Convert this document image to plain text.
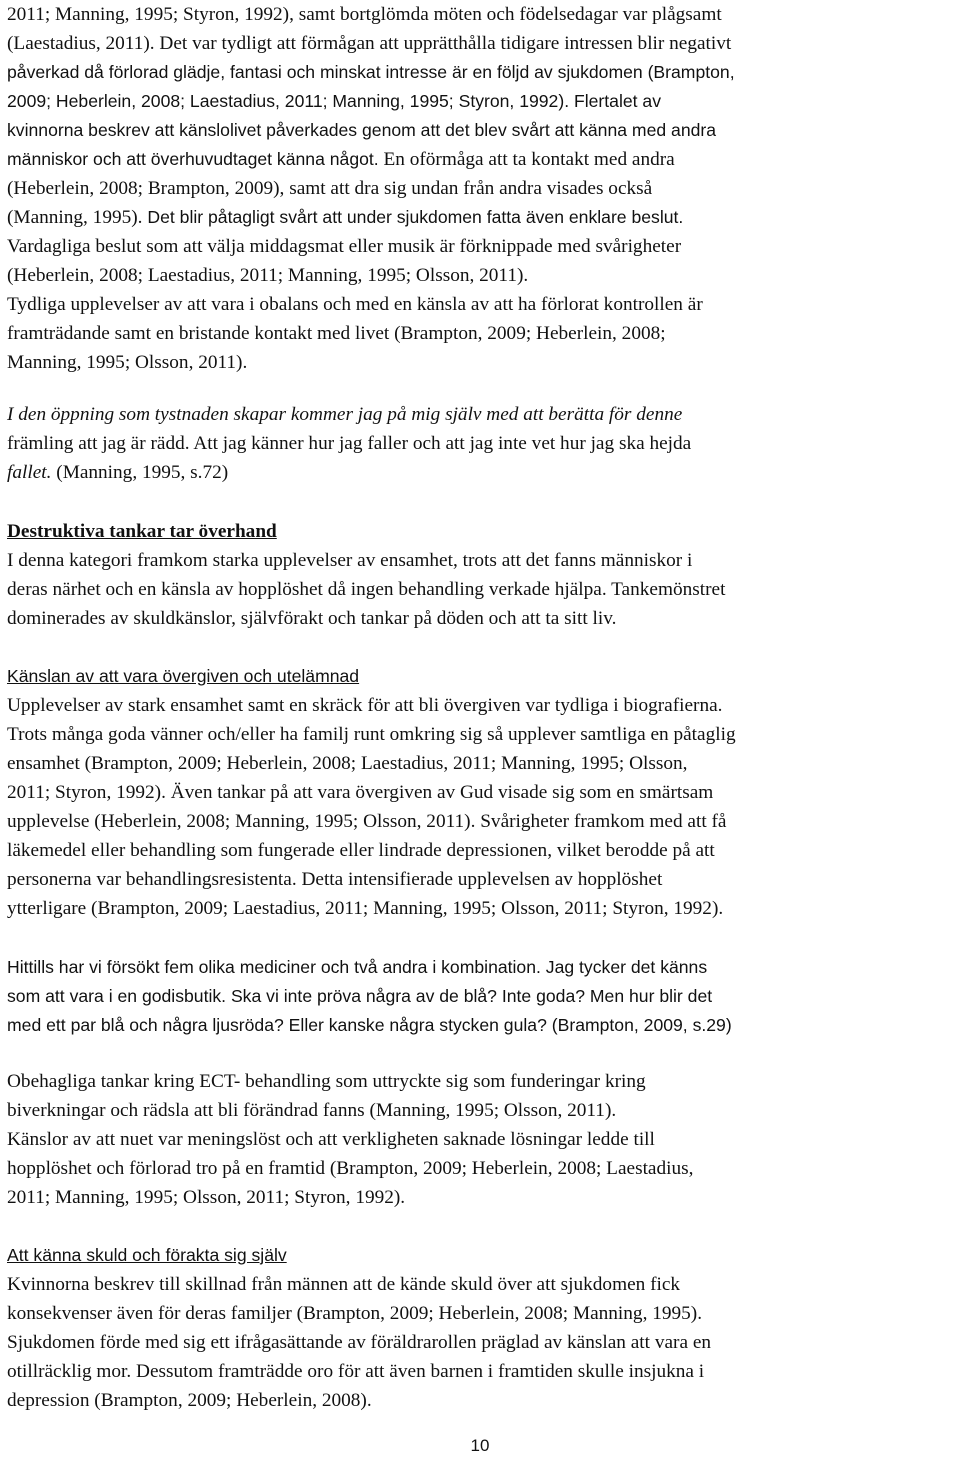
2011; Manning, 1995; Styron, 1992), samt bortglömda möten och födelsedagar var plågsamt

(Laestadius, 2011). Det var tydligt att förmågan att upprätthålla tidigare intressen blir negativt

påverkad då förlorad glädje, fantasi och minskat intresse är en följd av sjukdomen (Brampton,

2009; Heberlein, 2008; Laestadius, 2011; Manning, 1995; Styron, 1992). Flertalet av

kvinnorna beskrev att känslolivet påverkades genom att det blev svårt att känna med andra

människor och att överhuvudtaget känna något. En oförmåga att ta kontakt med andra

(Heberlein, 2008; Brampton, 2009), samt att dra sig undan från andra visades också

(Manning, 1995). Det blir påtagligt svårt att under sjukdomen fatta även enklare beslut.

Vardagliga beslut som att välja middagsmat eller musik är förknippade med svårigheter

(Heberlein, 2008; Laestadius, 2011; Manning, 1995; Olsson, 2011).

Tydliga upplevelser av att vara i obalans och med en känsla av att ha förlorat kontrollen är

framträdande samt en bristande kontakt med livet (Brampton, 2009; Heberlein, 2008;

Manning, 1995; Olsson, 2011).

I den öppning som tystnaden skapar kommer jag på mig själv med att berätta för denne

främling att jag är rädd. Att jag känner hur jag faller och att jag inte vet hur jag ska hejda

fallet. (Manning, 1995, s.72)

Destruktiva tankar tar överhand

I denna kategori framkom starka upplevelser av ensamhet, trots att det fanns människor i

deras närhet och en känsla av hopplöshet då ingen behandling verkade hjälpa. Tankemönstret

dominerades av skuldkänslor, självförakt och tankar på döden och att ta sitt liv.

Känslan av att vara övergiven och utelämnad

Upplevelser av stark ensamhet samt en skräck för att bli övergiven var tydliga i biografierna.

Trots många goda vänner och/eller ha familj runt omkring sig så upplever samtliga en påtaglig

ensamhet (Brampton, 2009; Heberlein, 2008; Laestadius, 2011; Manning, 1995; Olsson,

2011; Styron, 1992). Även tankar på att vara övergiven av Gud visade sig som en smärtsam

upplevelse (Heberlein, 2008; Manning, 1995; Olsson, 2011). Svårigheter framkom med att få

läkemedel eller behandling som fungerade eller lindrade depressionen, vilket berodde på att

personerna var behandlingsresistenta. Detta intensifierade upplevelsen av hopplöshet

ytterligare (Brampton, 2009; Laestadius, 2011; Manning, 1995; Olsson, 2011; Styron, 1992).

Hittills har vi försökt fem olika mediciner och två andra i kombination. Jag tycker det känns

som att vara i en godisbutik. Ska vi inte pröva några av de blå? Inte goda? Men hur blir det

med ett par blå och några ljusröda? Eller kanske några stycken gula? (Brampton, 2009, s.29)

Obehagliga tankar kring ECT- behandling som uttryckte sig som funderingar kring

biverkningar och rädsla att bli förändrad fanns (Manning, 1995; Olsson, 2011).

Känslor av att nuet var meningslöst och att verkligheten saknade lösningar ledde till

hopplöshet och förlorad tro på en framtid (Brampton, 2009; Heberlein, 2008; Laestadius,

2011; Manning, 1995; Olsson, 2011; Styron, 1992).

Att känna skuld och förakta sig själv

Kvinnorna beskrev till skillnad från männen att de kände skuld över att sjukdomen fick

konsekvenser även för deras familjer (Brampton, 2009; Heberlein, 2008; Manning, 1995).

Sjukdomen förde med sig ett ifrågasättande av föräldrarollen präglad av känslan att vara en

otillräcklig mor. Dessutom framträdde oro för att även barnen i framtiden skulle insjukna i

depression (Brampton, 2009; Heberlein, 2008).

10
